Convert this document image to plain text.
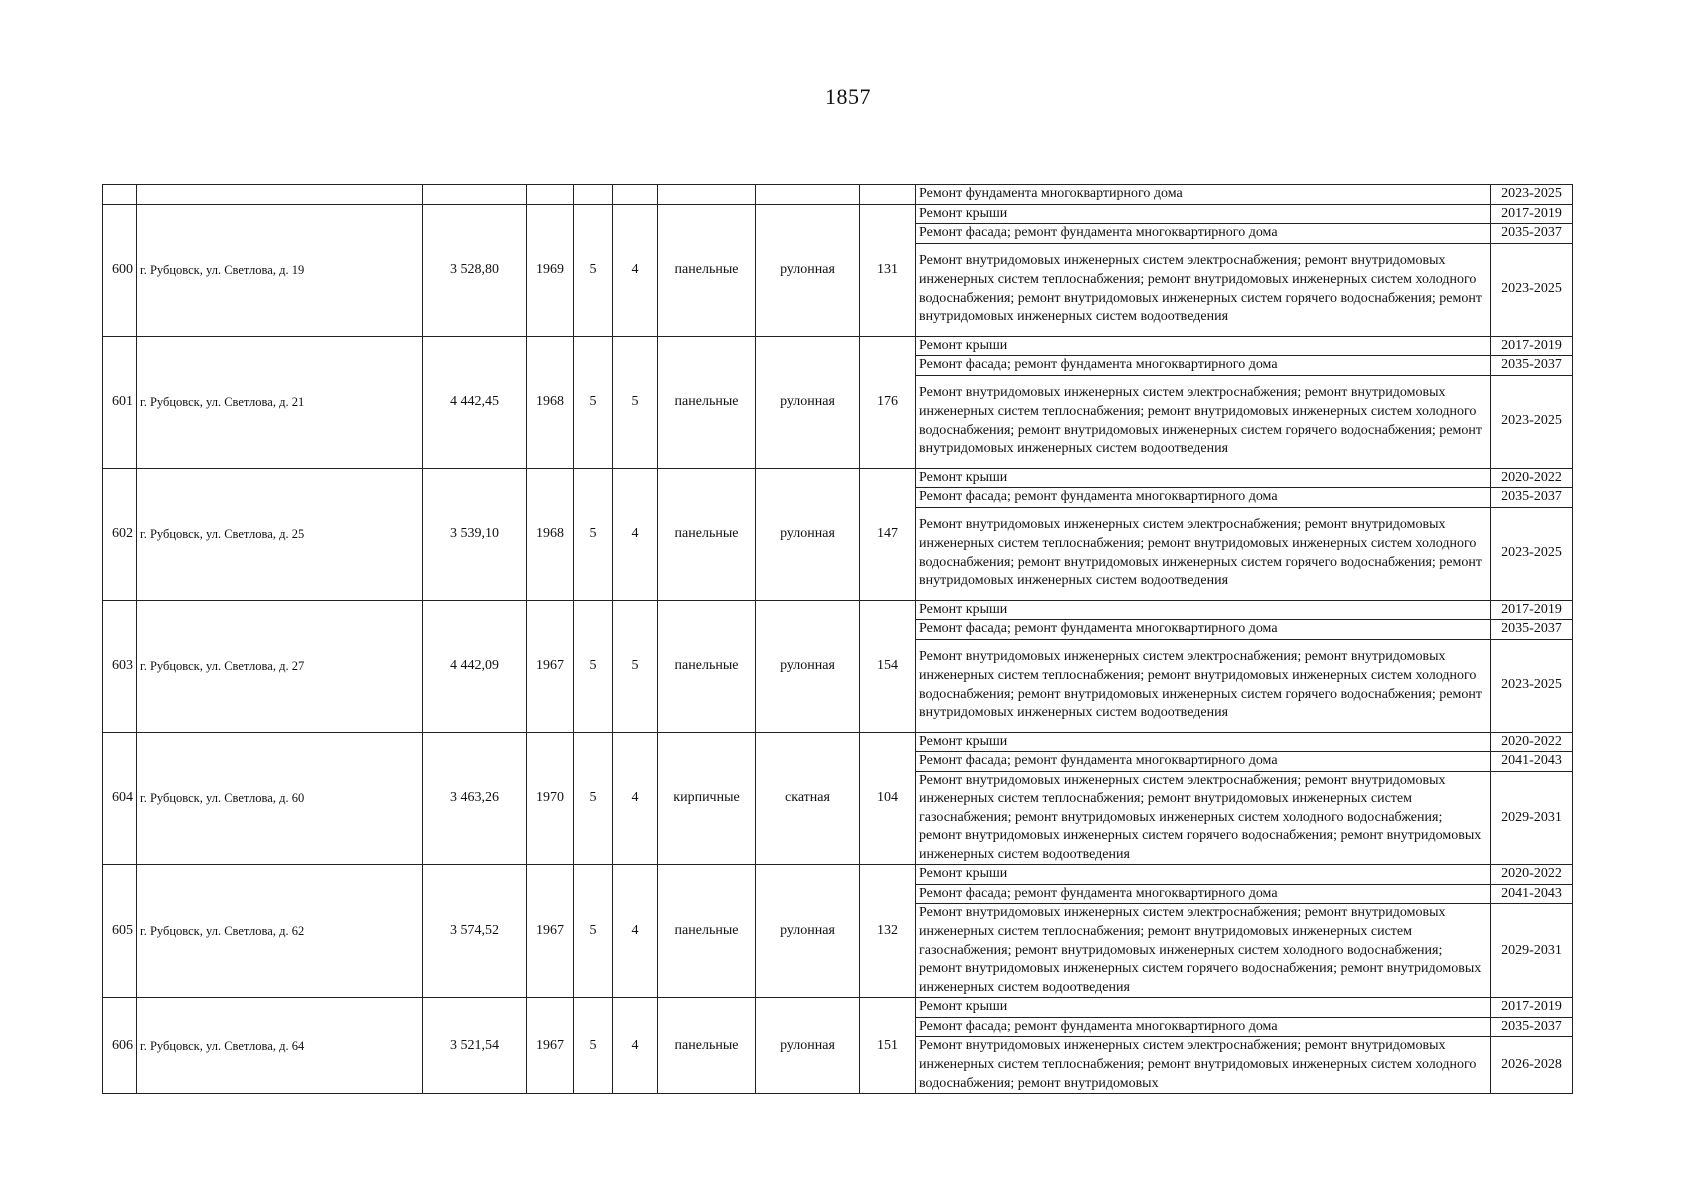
1857
									Ремонт фундамента многоквартирного дома	2023-2025
600	г. Рубцовск, ул. Светлова, д. 19	3 528,80	1969	5	4	панельные	рулонная	131	Ремонт крыши	2017-2019
									Ремонт фасада; ремонт фундамента многоквартирного дома	2035-2037
									Ремонт внутридомовых инженерных систем электроснабжения; ремонт внутридомовых инженерных систем теплоснабжения; ремонт внутридомовых инженерных систем холодного водоснабжения; ремонт внутридомовых инженерных систем горячего водоснабжения; ремонт внутридомовых инженерных систем водоотведения	2023-2025
601	г. Рубцовск, ул. Светлова, д. 21	4 442,45	1968	5	5	панельные	рулонная	176	Ремонт крыши	2017-2019
									Ремонт фасада; ремонт фундамента многоквартирного дома	2035-2037
									Ремонт внутридомовых инженерных систем электроснабжения; ремонт внутридомовых инженерных систем теплоснабжения; ремонт внутридомовых инженерных систем холодного водоснабжения; ремонт внутридомовых инженерных систем горячего водоснабжения; ремонт внутридомовых инженерных систем водоотведения	2023-2025
602	г. Рубцовск, ул. Светлова, д. 25	3 539,10	1968	5	4	панельные	рулонная	147	Ремонт крыши	2020-2022
									Ремонт фасада; ремонт фундамента многоквартирного дома	2035-2037
									Ремонт внутридомовых инженерных систем электроснабжения; ремонт внутридомовых инженерных систем теплоснабжения; ремонт внутридомовых инженерных систем холодного водоснабжения; ремонт внутридомовых инженерных систем горячего водоснабжения; ремонт внутридомовых инженерных систем водоотведения	2023-2025
603	г. Рубцовск, ул. Светлова, д. 27	4 442,09	1967	5	5	панельные	рулонная	154	Ремонт крыши	2017-2019
									Ремонт фасада; ремонт фундамента многоквартирного дома	2035-2037
									Ремонт внутридомовых инженерных систем электроснабжения; ремонт внутридомовых инженерных систем теплоснабжения; ремонт внутридомовых инженерных систем холодного водоснабжения; ремонт внутридомовых инженерных систем горячего водоснабжения; ремонт внутридомовых инженерных систем водоотведения	2023-2025
604	г. Рубцовск, ул. Светлова, д. 60	3 463,26	1970	5	4	кирпичные	скатная	104	Ремонт крыши	2020-2022
									Ремонт фасада; ремонт фундамента многоквартирного дома	2041-2043
									Ремонт внутридомовых инженерных систем электроснабжения; ремонт внутридомовых инженерных систем теплоснабжения; ремонт внутридомовых инженерных систем газоснабжения; ремонт внутридомовых инженерных систем холодного водоснабжения; ремонт внутридомовых инженерных систем горячего водоснабжения; ремонт внутридомовых инженерных систем водоотведения	2029-2031
605	г. Рубцовск, ул. Светлова, д. 62	3 574,52	1967	5	4	панельные	рулонная	132	Ремонт крыши	2020-2022
									Ремонт фасада; ремонт фундамента многоквартирного дома	2041-2043
									Ремонт внутридомовых инженерных систем электроснабжения; ремонт внутридомовых инженерных систем теплоснабжения; ремонт внутридомовых инженерных систем газоснабжения; ремонт внутридомовых инженерных систем холодного водоснабжения; ремонт внутридомовых инженерных систем горячего водоснабжения; ремонт внутридомовых инженерных систем водоотведения	2029-2031
606	г. Рубцовск, ул. Светлова, д. 64	3 521,54	1967	5	4	панельные	рулонная	151	Ремонт крыши	2017-2019
									Ремонт фасада; ремонт фундамента многоквартирного дома	2035-2037
									Ремонт внутридомовых инженерных систем электроснабжения; ремонт внутридомовых инженерных систем теплоснабжения; ремонт внутридомовых инженерных систем холодного водоснабжения; ремонт внутридомовых	2026-2028
